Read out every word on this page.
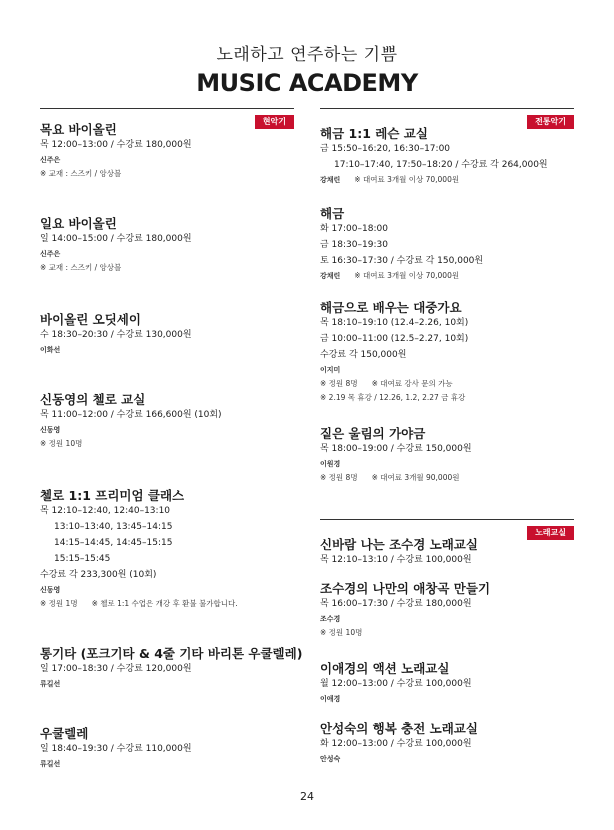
노래하고 연주하는 기쁨
MUSIC ACADEMY
현악기
목요 바이올린
목 12:00–13:00 / 수강료 180,000원
신주은
※ 교재 : 스즈키 / 앙상블
일요 바이올린
일 14:00–15:00 / 수강료 180,000원
신주은
※ 교재 : 스즈키 / 앙상블
바이올린 오딧세이
수 18:30–20:30 / 수강료 130,000원
이화선
신동영의 첼로 교실
목 11:00–12:00 / 수강료 166,600원 (10회)
신동영
※ 정원 10명
첼로 1:1 프리미엄 클래스
목 12:10–12:40, 12:40–13:10
13:10–13:40, 13:45–14:15
14:15–14:45, 14:45–15:15
15:15–15:45
수강료 각 233,300원 (10회)
신동영
※ 정원 1명 ※ 첼로 1:1 수업은 개강 후 환불 불가합니다.
통기타 (포크기타 & 4줄 기타 바리톤 우쿨렐레)
일 17:00–18:30 / 수강료 120,000원
류길선
우쿨렐레
일 18:40–19:30 / 수강료 110,000원
류길선
전통악기
해금 1:1 레슨 교실
금 15:50–16:20, 16:30–17:00
17:10–17:40, 17:50–18:20 / 수강료 각 264,000원
강채린 ※ 대여료 3개월 이상 70,000원
해금
화 17:00–18:00
금 18:30–19:30
토 16:30–17:30 / 수강료 각 150,000원
강채린 ※ 대여료 3개월 이상 70,000원
해금으로 배우는 대중가요
목 18:10–19:10 (12.4–2.26, 10회)
금 10:00–11:00 (12.5–2.27, 10회)
수강료 각 150,000원
이지미
※ 정원 8명 ※ 대여료 강사 문의 가능
※ 2.19 목 휴강 / 12.26, 1.2, 2.27 금 휴강
짙은 울림의 가야금
목 18:00–19:00 / 수강료 150,000원
이원경
※ 정원 8명 ※ 대여료 3개월 90,000원
노래교실
신바람 나는 조수경 노래교실
목 12:10–13:10 / 수강료 100,000원
조수경의 나만의 애창곡 만들기
목 16:00–17:30 / 수강료 180,000원
조수경
※ 정원 10명
이애경의 액션 노래교실
월 12:00–13:00 / 수강료 100,000원
이애경
안성숙의 행복 충전 노래교실
화 12:00–13:00 / 수강료 100,000원
안성숙
24
